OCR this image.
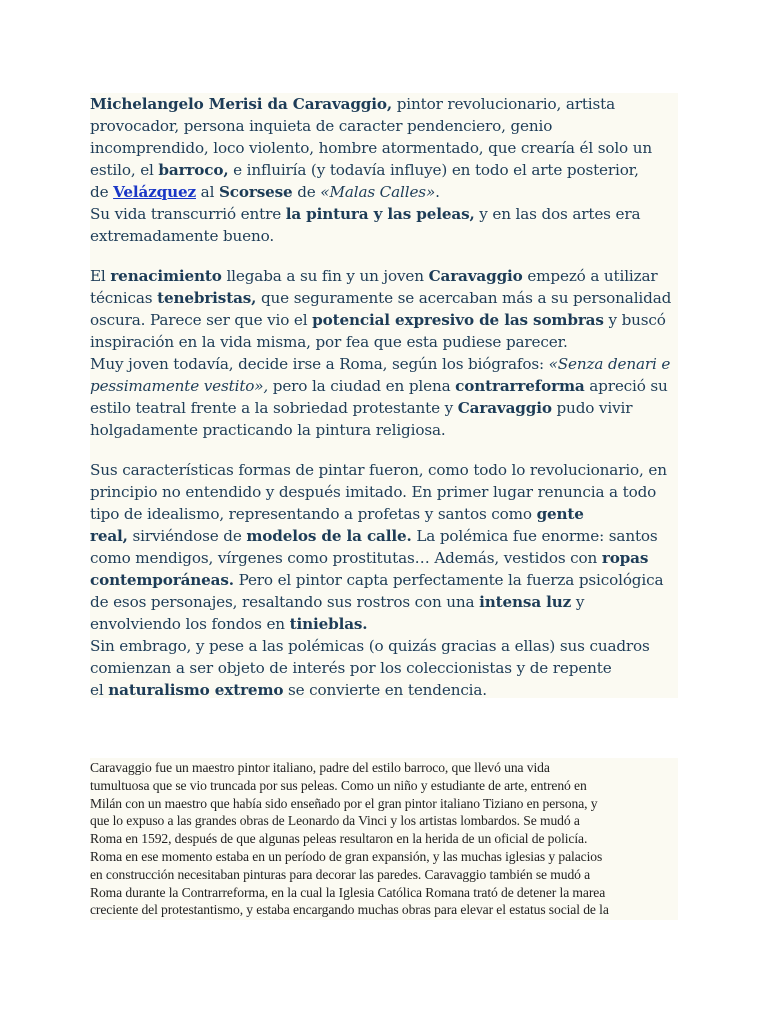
Michelangelo Merisi da Caravaggio, pintor revolucionario, artista
provocador, persona inquieta de caracter pendenciero, genio
incomprendido, loco violento, hombre atormentado, que crearía él solo un
estilo, el barroco, e influiría (y todavía influye) en todo el arte posterior,
de Velázquez al Scorsese de «Malas Calles».
Su vida transcurrió entre la pintura y las peleas, y en las dos artes era
extremadamente bueno.

El renacimiento llegaba a su fin y un joven Caravaggio empezó a utilizar
técnicas tenebristas, que seguramente se acercaban más a su personalidad
oscura. Parece ser que vio el potencial expresivo de las sombras y buscó
inspiración en la vida misma, por fea que esta pudiese parecer.
Muy joven todavía, decide irse a Roma, según los biógrafos: «Senza denari e
pessimamente vestito», pero la ciudad en plena contrarreforma apreció su
estilo teatral frente a la sobriedad protestante y Caravaggio pudo vivir
holgadamente practicando la pintura religiosa.

Sus características formas de pintar fueron, como todo lo revolucionario, en
principio no entendido y después imitado. En primer lugar renuncia a todo
tipo de idealismo, representando a profetas y santos como gente
real, sirviéndose de modelos de la calle. La polémica fue enorme: santos
como mendigos, vírgenes como prostitutas… Además, vestidos con ropas
contemporáneas. Pero el pintor capta perfectamente la fuerza psicológica
de esos personajes, resaltando sus rostros con una intensa luz y
envolviendo los fondos en tinieblas.
Sin embrago, y pese a las polémicas (o quizás gracias a ellas) sus cuadros
comienzan a ser objeto de interés por los coleccionistas y de repente
el naturalismo extremo se convierte en tendencia.

Caravaggio fue un maestro pintor italiano, padre del estilo barroco, que llevó una vida
tumultuosa que se vio truncada por sus peleas. Como un niño y estudiante de arte, entrenó en
Milán con un maestro que había sido enseñado por el gran pintor italiano Tiziano en persona, y
que lo expuso a las grandes obras de Leonardo da Vinci y los artistas lombardos. Se mudó a
Roma en 1592, después de que algunas peleas resultaron en la herida de un oficial de policía.
Roma en ese momento estaba en un período de gran expansión, y las muchas iglesias y palacios
en construcción necesitaban pinturas para decorar las paredes. Caravaggio también se mudó a
Roma durante la Contrarreforma, en la cual la Iglesia Católica Romana trató de detener la marea
creciente del protestantismo, y estaba encargando muchas obras para elevar el estatus social de la
